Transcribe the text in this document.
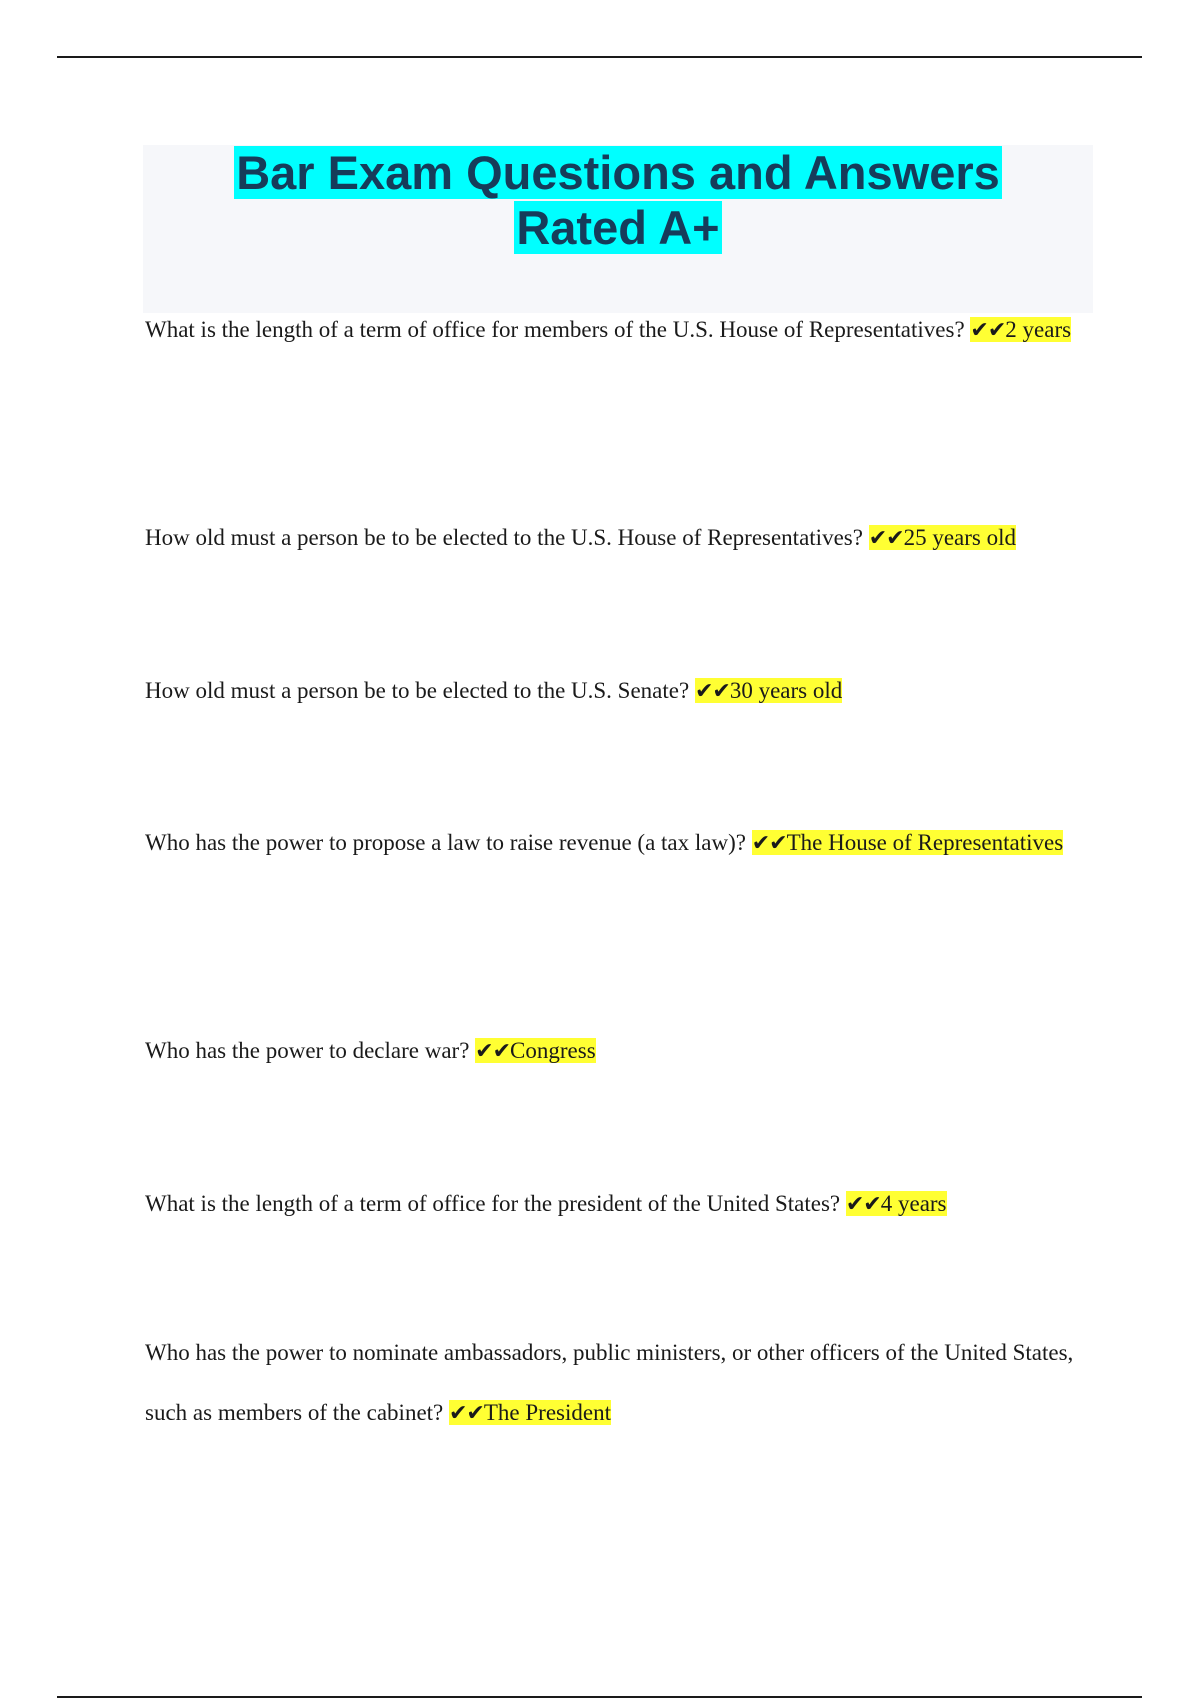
Bar Exam Questions and Answers
Rated A+

What is the length of a term of office for members of the U.S. House of Representatives? ✔✔2 years

How old must a person be to be elected to the U.S. House of Representatives? ✔✔25 years old

How old must a person be to be elected to the U.S. Senate? ✔✔30 years old

Who has the power to propose a law to raise revenue (a tax law)? ✔✔The House of Representatives

Who has the power to declare war? ✔✔Congress

What is the length of a term of office for the president of the United States? ✔✔4 years

Who has the power to nominate ambassadors, public ministers, or other officers of the United States, such as members of the cabinet? ✔✔The President
